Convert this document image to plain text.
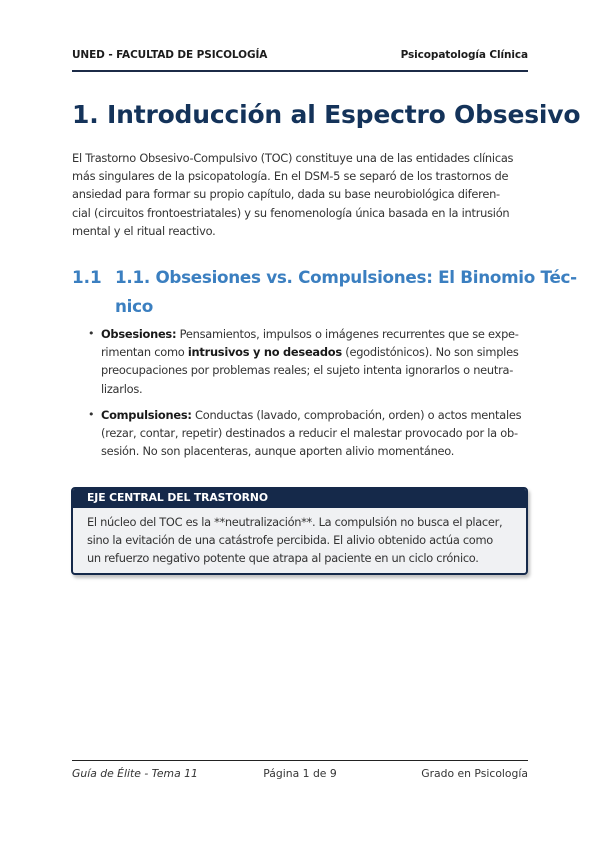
UNED - FACULTAD DE PSICOLOGÍA	Psicopatología Clínica
1. Introducción al Espectro Obsesivo
El Trastorno Obsesivo-Compulsivo (TOC) constituye una de las entidades clínicas
más singulares de la psicopatología. En el DSM-5 se separó de los trastornos de
ansiedad para formar su propio capítulo, dada su base neurobiológica diferen-
cial (circuitos frontoestriatales) y su fenomenología única basada en la intrusión
mental y el ritual reactivo.
1.1 1.1. Obsesiones vs. Compulsiones: El Binomio Téc-
nico
• Obsesiones: Pensamientos, impulsos o imágenes recurrentes que se expe-
rimentan como intrusivos y no deseados (egodistónicos). No son simples
preocupaciones por problemas reales; el sujeto intenta ignorarlos o neutra-
lizarlos.
• Compulsiones: Conductas (lavado, comprobación, orden) o actos mentales
(rezar, contar, repetir) destinados a reducir el malestar provocado por la ob-
sesión. No son placenteras, aunque aporten alivio momentáneo.
EJE CENTRAL DEL TRASTORNO
El núcleo del TOC es la **neutralización**. La compulsión no busca el placer,
sino la evitación de una catástrofe percibida. El alivio obtenido actúa como
un refuerzo negativo potente que atrapa al paciente en un ciclo crónico.
Guía de Élite - Tema 11	Página 1 de 9	Grado en Psicología
